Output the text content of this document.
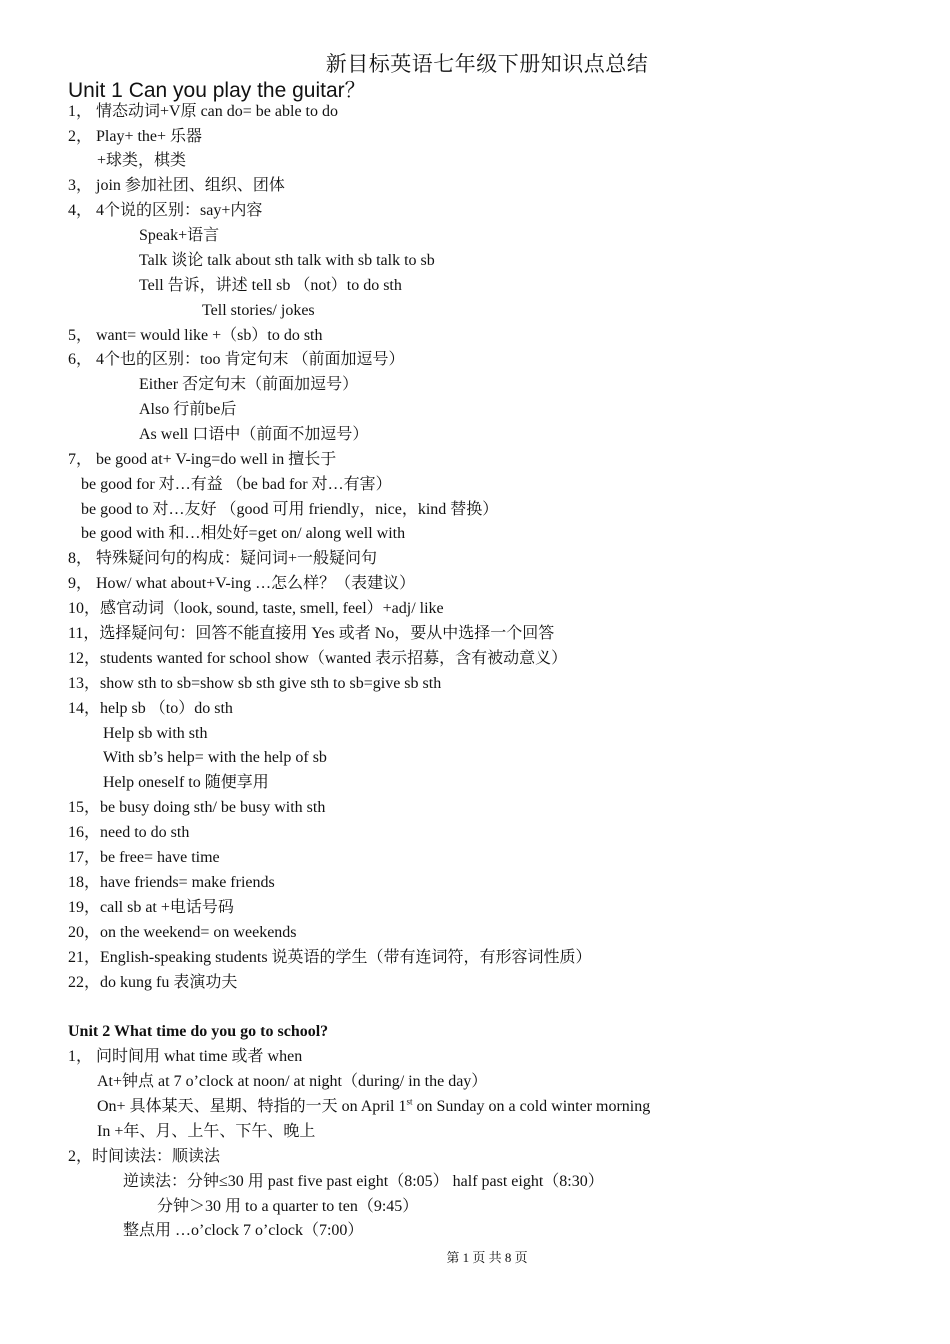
新目标英语七年级下册知识点总结
Unit 1 Can you play the guitar？
1， 情态动词+V原 can do= be able to do
2， Play+ the+ 乐器
+球类，棋类
3， join 参加社团、组织、团体
4， 4个说的区别：say+内容
Speak+语言
Talk 谈论 talk about sth talk with sb talk to sb
Tell 告诉，讲述 tell sb （not）to do sth
Tell stories/ jokes
5， want= would like +（sb）to do sth
6， 4个也的区别：too 肯定句末 （前面加逗号）
Either 否定句末（前面加逗号）
Also 行前be后
As well 口语中（前面不加逗号）
7， be good at+ V-ing=do well in 擅长于
be good for 对…有益 （be bad for 对…有害）
be good to 对…友好 （good 可用 friendly，nice，kind 替换）
be good with 和…相处好=get on/ along well with
8， 特殊疑问句的构成：疑问词+一般疑问句
9， How/ what about+V-ing …怎么样？（表建议）
10，感官动词（look, sound, taste, smell, feel）+adj/ like
11，选择疑问句：回答不能直接用 Yes 或者 No，要从中选择一个回答
12，students wanted for school show（wanted 表示招募，含有被动意义）
13，show sth to sb=show sb sth give sth to sb=give sb sth
14，help sb （to）do sth
Help sb with sth
With sb’s help= with the help of sb
Help oneself to 随便享用
15，be busy doing sth/ be busy with sth
16，need to do sth
17，be free= have time
18，have friends= make friends
19，call sb at +电话号码
20，on the weekend= on weekends
21，English-speaking students 说英语的学生（带有连词符，有形容词性质）
22，do kung fu 表演功夫
Unit 2 What time do you go to school?
1， 问时间用 what time 或者 when
At+钟点 at 7 o’clock at noon/ at night（during/ in the day）
On+ 具体某天、星期、特指的一天 on April 1st on Sunday on a cold winter morning
In +年、月、上午、下午、晚上
2，时间读法：顺读法
逆读法：分钟≤30 用 past five past eight（8:05） half past eight（8:30）
分钟＞30 用 to a quarter to ten（9:45）
整点用 …o’clock 7 o’clock（7:00）
第 1 页 共 8 页
